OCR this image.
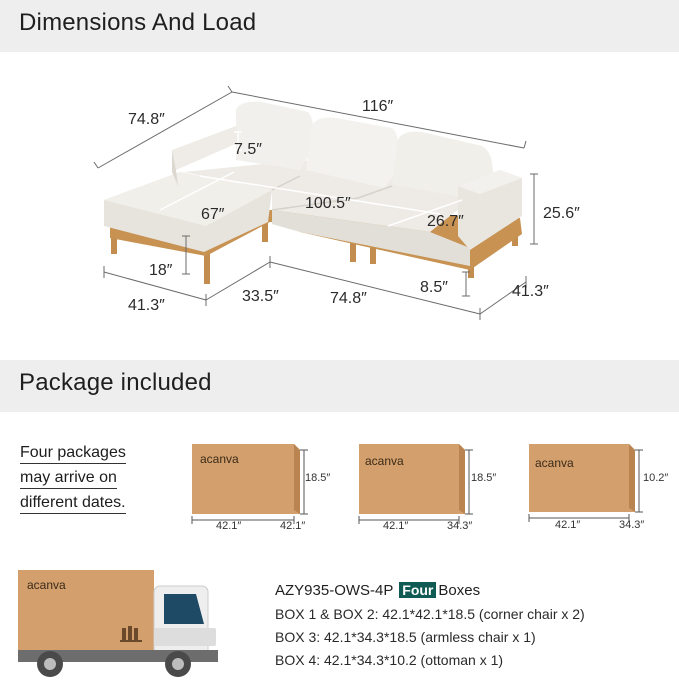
Dimensions And Load
74.8″
116″
7.5″
100.5″
67″	26.7″	25.6″
18″
8.5″
41.3″
33.5″	74.8″	41.3″
Package included
Four packages
may arrive on
different dates.
acanva
18.5″
42.1″	42.1″
acanva
18.5″
42.1″	34.3″
acanva
10.2″
42.1″	34.3″
acanva	AZY935-OWS-4P Four Boxes
BOX 1 & BOX 2: 42.1*42.1*18.5 (corner chair x 2)
BOX 3: 42.1*34.3*18.5 (armless chair x 1)
BOX 4: 42.1*34.3*10.2 (ottoman x 1)
